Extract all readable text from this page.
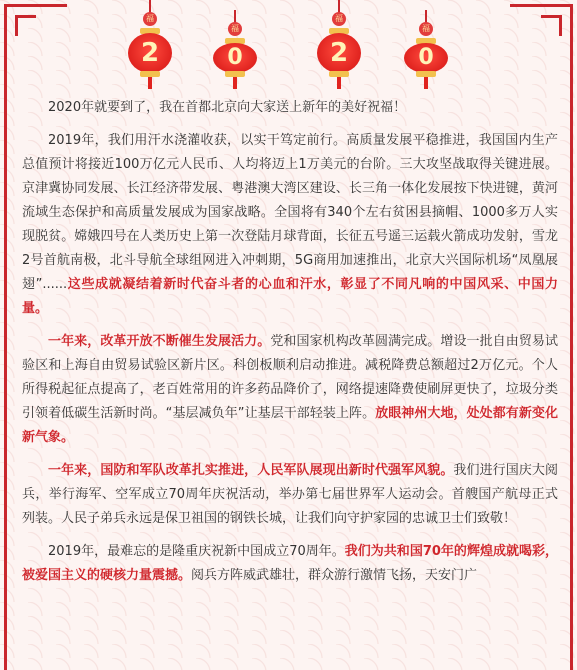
福
2
福
0
福
2
福
0

2020年就要到了，我在首都北京向大家送上新年的美好祝福！

2019年，我们用汗水浇灌收获，以实干笃定前行。高质量发展平稳推进，我国国内生产总值预计将接近100万亿元人民币、人均将迈上1万美元的台阶。三大攻坚战取得关键进展。京津冀协同发展、长江经济带发展、粤港澳大湾区建设、长三角一体化发展按下快进键，黄河流域生态保护和高质量发展成为国家战略。全国将有340个左右贫困县摘帽、1000多万人实现脱贫。嫦娥四号在人类历史上第一次登陆月球背面，长征五号遥三运载火箭成功发射，雪龙2号首航南极，北斗导航全球组网进入冲刺期，5G商用加速推出，北京大兴国际机场“凤凰展翅”......这些成就凝结着新时代奋斗者的心血和汗水，彰显了不同凡响的中国风采、中国力量。

一年来，改革开放不断催生发展活力。党和国家机构改革圆满完成。增设一批自由贸易试验区和上海自由贸易试验区新片区。科创板顺利启动推进。减税降费总额超过2万亿元。个人所得税起征点提高了，老百姓常用的许多药品降价了，网络提速降费使刷屏更快了，垃圾分类引领着低碳生活新时尚。“基层减负年”让基层干部轻装上阵。放眼神州大地，处处都有新变化新气象。

一年来，国防和军队改革扎实推进，人民军队展现出新时代强军风貌。我们进行国庆大阅兵，举行海军、空军成立70周年庆祝活动，举办第七届世界军人运动会。首艘国产航母正式列装。人民子弟兵永远是保卫祖国的钢铁长城，让我们向守护家园的忠诚卫士们致敬！

2019年，最难忘的是隆重庆祝新中国成立70周年。我们为共和国70年的辉煌成就喝彩，被爱国主义的硬核力量震撼。阅兵方阵威武雄壮，群众游行激情飞扬，天安门广
